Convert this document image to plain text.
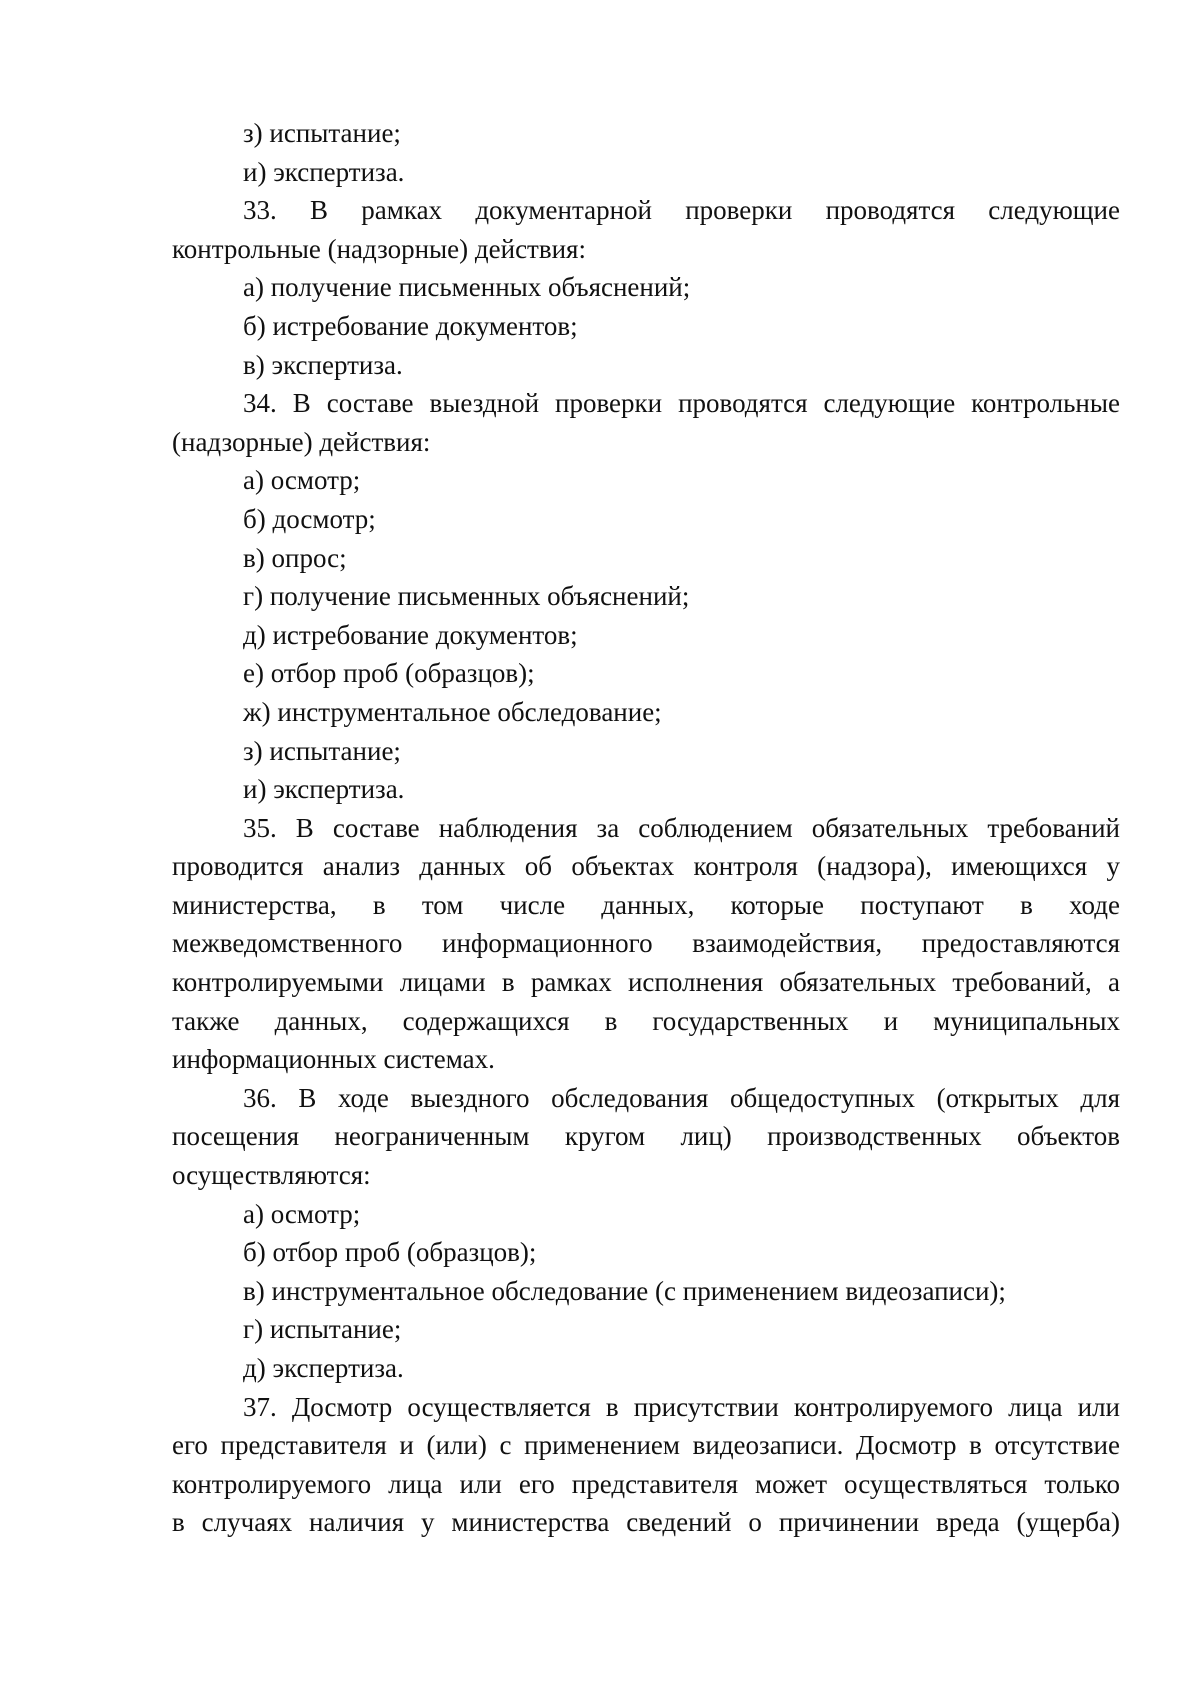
з) испытание;

и) экспертиза.

33. В рамках документарной проверки проводятся следующие

контрольные (надзорные) действия:

а) получение письменных объяснений;

б) истребование документов;

в) экспертиза.

34. В составе выездной проверки проводятся следующие контрольные

(надзорные) действия:

а) осмотр;

б) досмотр;

в) опрос;

г) получение письменных объяснений;

д) истребование документов;

е) отбор проб (образцов);

ж) инструментальное обследование;

з) испытание;

и) экспертиза.

35. В составе наблюдения за соблюдением обязательных требований

проводится анализ данных об объектах контроля (надзора), имеющихся у

министерства, в том числе данных, которые поступают в ходе

межведомственного информационного взаимодействия, предоставляются

контролируемыми лицами в рамках исполнения обязательных требований, а

также данных, содержащихся в государственных и муниципальных

информационных системах.

36. В ходе выездного обследования общедоступных (открытых для

посещения неограниченным кругом лиц) производственных объектов

осуществляются:

а) осмотр;

б) отбор проб (образцов);

в) инструментальное обследование (с применением видеозаписи);

г) испытание;

д) экспертиза.

37. Досмотр осуществляется в присутствии контролируемого лица или

его представителя и (или) с применением видеозаписи. Досмотр в отсутствие

контролируемого лица или его представителя может осуществляться только

в случаях наличия у министерства сведений о причинении вреда (ущерба)
